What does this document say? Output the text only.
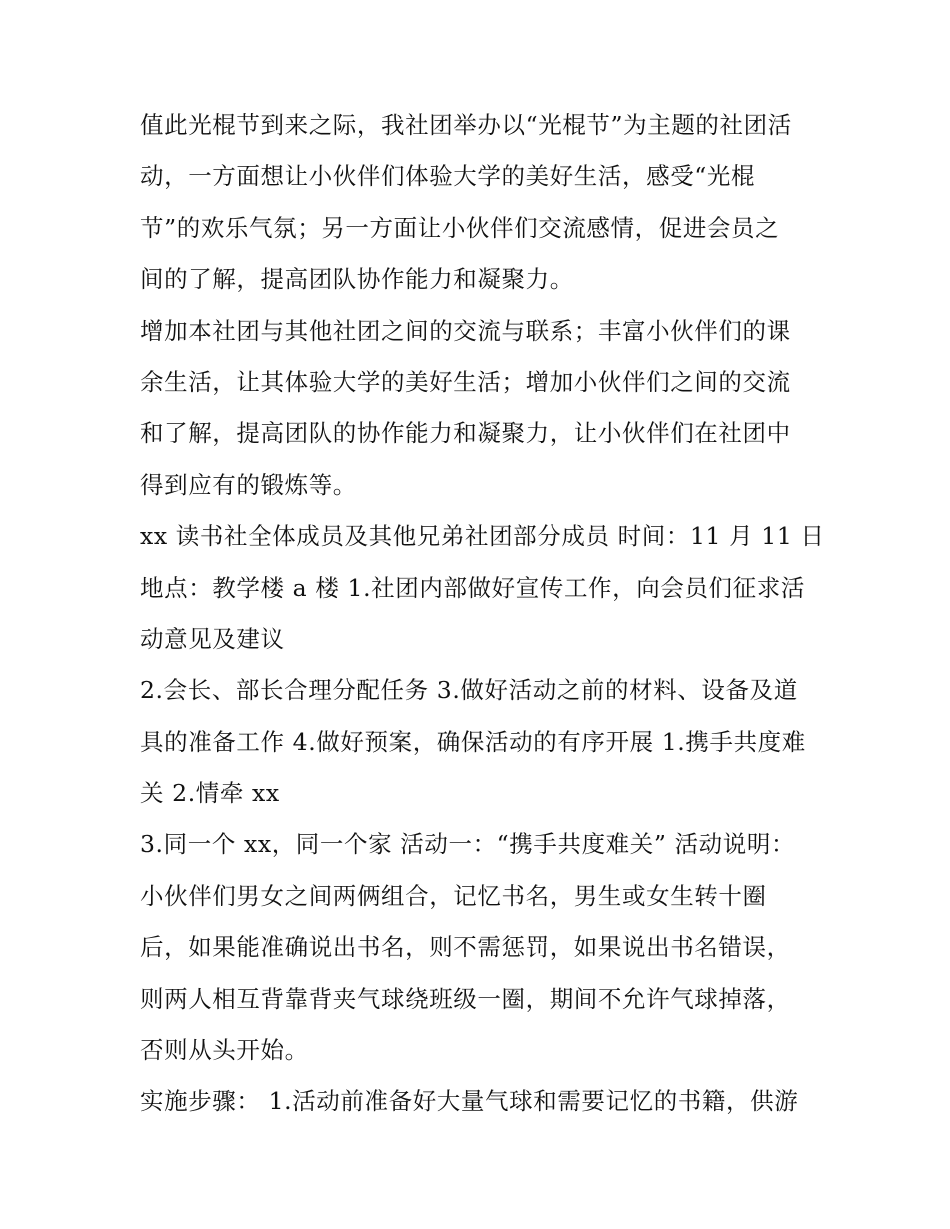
值此光棍节到来之际，我社团举办以“光棍节”为主题的社团活
动，一方面想让小伙伴们体验大学的美好生活，感受“光棍
节”的欢乐气氛；另一方面让小伙伴们交流感情，促进会员之
间的了解，提高团队协作能力和凝聚力。
增加本社团与其他社团之间的交流与联系；丰富小伙伴们的课
余生活，让其体验大学的美好生活；增加小伙伴们之间的交流
和了解，提高团队的协作能力和凝聚力，让小伙伴们在社团中
得到应有的锻炼等。
xx 读书社全体成员及其他兄弟社团部分成员 时间：11 月 11 日
地点：教学楼 a 楼 1.社团内部做好宣传工作，向会员们征求活
动意见及建议
2.会长、部长合理分配任务 3.做好活动之前的材料、设备及道
具的准备工作 4.做好预案，确保活动的有序开展 1.携手共度难
关 2.情牵 xx
3.同一个 xx，同一个家 活动一：“携手共度难关” 活动说明：
小伙伴们男女之间两俩组合，记忆书名，男生或女生转十圈
后，如果能准确说出书名，则不需惩罚，如果说出书名错误，
则两人相互背靠背夹气球绕班级一圈，期间不允许气球掉落，
否则从头开始。
实施步骤： 1.活动前准备好大量气球和需要记忆的书籍，供游
